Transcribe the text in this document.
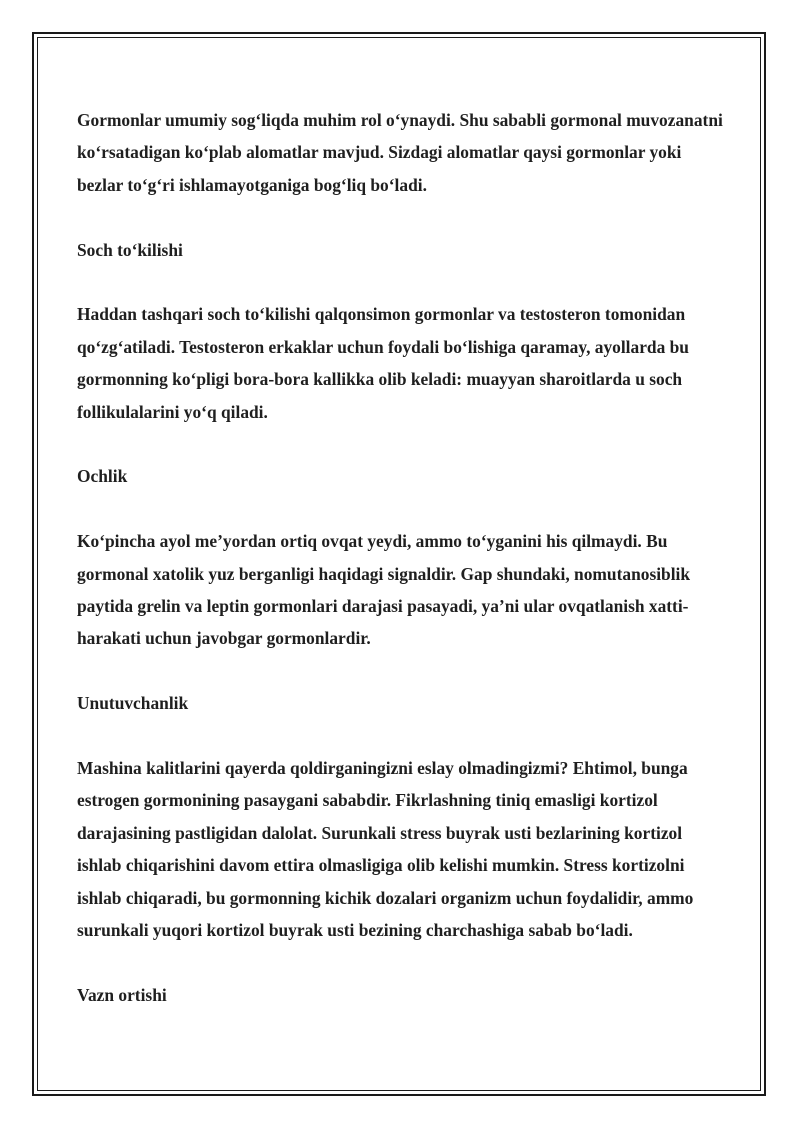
Gormonlar umumiy sog‘liqda muhim rol o‘ynaydi. Shu sababli gormonal muvozanatni ko‘rsatadigan ko‘plab alomatlar mavjud. Sizdagi alomatlar qaysi gormonlar yoki bezlar to‘g‘ri ishlamayotganiga bog‘liq bo‘ladi.

Soch to‘kilishi

Haddan tashqari soch to‘kilishi qalqonsimon gormonlar va testosteron tomonidan qo‘zg‘atiladi. Testosteron erkaklar uchun foydali bo‘lishiga qaramay, ayollarda bu gormonning ko‘pligi bora-bora kallikka olib keladi: muayyan sharoitlarda u soch follikulalarini yo‘q qiladi.

Ochlik

Ko‘pincha ayol me’yordan ortiq ovqat yeydi, ammo to‘yganini his qilmaydi. Bu gormonal xatolik yuz berganligi haqidagi signaldir. Gap shundaki, nomutanosiblik paytida grelin va leptin gormonlari darajasi pasayadi, ya’ni ular ovqatlanish xatti-harakati uchun javobgar gormonlardir.

Unutuvchanlik

Mashina kalitlarini qayerda qoldirganingizni eslay olmadingizmi? Ehtimol, bunga estrogen gormonining pasaygani sababdir. Fikrlashning tiniq emasligi kortizol darajasining pastligidan dalolat. Surunkali stress buyrak usti bezlarining kortizol ishlab chiqarishini davom ettira olmasligiga olib kelishi mumkin. Stress kortizolni ishlab chiqaradi, bu gormonning kichik dozalari organizm uchun foydalidir, ammo surunkali yuqori kortizol buyrak usti bezining charchashiga sabab bo‘ladi.

Vazn ortishi
